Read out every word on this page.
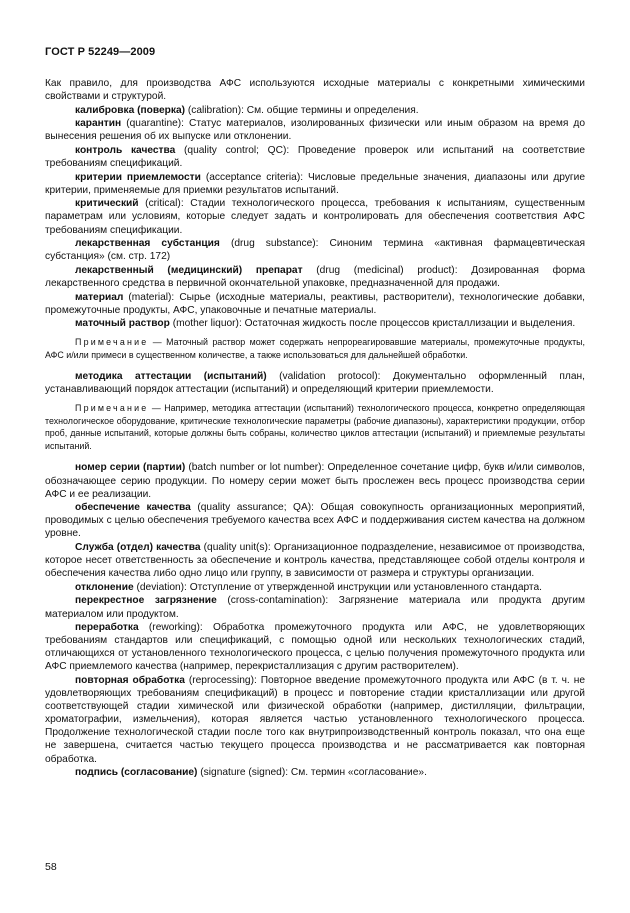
ГОСТ Р 52249—2009

Как правило, для производства АФС используются исходные материалы с конкретными химическими свойствами и структурой.

калибровка (поверка) (calibration): См. общие термины и определения.

карантин (quarantine): Статус материалов, изолированных физически или иным образом на время до вынесения решения об их выпуске или отклонении.

контроль качества (quality control; QC): Проведение проверок или испытаний на соответствие требованиям спецификаций.

критерии приемлемости (acceptance criteria): Числовые предельные значения, диапазоны или другие критерии, применяемые для приемки результатов испытаний.

критический (critical): Стадии технологического процесса, требования к испытаниям, существенным параметрам или условиям, которые следует задать и контролировать для обеспечения соответствия АФС требованиям спецификации.

лекарственная субстанция (drug substance): Синоним термина «активная фармацевтическая субстанция» (см. стр. 172)

лекарственный (медицинский) препарат (drug (medicinal) product): Дозированная форма лекарственного средства в первичной окончательной упаковке, предназначенной для продажи.

материал (material): Сырье (исходные материалы, реактивы, растворители), технологические добавки, промежуточные продукты, АФС, упаковочные и печатные материалы.

маточный раствор (mother liquor): Остаточная жидкость после процессов кристаллизации и выделения.

Примечание — Маточный раствор может содержать непрореагировавшие материалы, промежуточные продукты, АФС и/или примеси в существенном количестве, а также использоваться для дальнейшей обработки.

методика аттестации (испытаний) (validation protocol): Документально оформленный план, устанавливающий порядок аттестации (испытаний) и определяющий критерии приемлемости.

Примечание — Например, методика аттестации (испытаний) технологического процесса, конкретно определяющая технологическое оборудование, критические технологические параметры (рабочие диапазоны), характеристики продукции, отбор проб, данные испытаний, которые должны быть собраны, количество циклов аттестации (испытаний) и приемлемые результаты испытаний.

номер серии (партии) (batch number or lot number): Определенное сочетание цифр, букв и/или символов, обозначающее серию продукции. По номеру серии может быть прослежен весь процесс производства серии АФС и ее реализации.

обеспечение качества (quality assurance; QA): Общая совокупность организационных мероприятий, проводимых с целью обеспечения требуемого качества всех АФС и поддерживания систем качества на должном уровне.

Служба (отдел) качества (quality unit(s): Организационное подразделение, независимое от производства, которое несет ответственность за обеспечение и контроль качества, представляющее собой отделы контроля и обеспечения качества либо одно лицо или группу, в зависимости от размера и структуры организации.

отклонение (deviation): Отступление от утвержденной инструкции или установленного стандарта.

перекрестное загрязнение (cross-contamination): Загрязнение материала или продукта другим материалом или продуктом.

переработка (reworking): Обработка промежуточного продукта или АФС, не удовлетворяющих требованиям стандартов или спецификаций, с помощью одной или нескольких технологических стадий, отличающихся от установленного технологического процесса, с целью получения промежуточного продукта или АФС приемлемого качества (например, перекристаллизация с другим растворителем).

повторная обработка (reprocessing): Повторное введение промежуточного продукта или АФС (в т. ч. не удовлетворяющих требованиям спецификаций) в процесс и повторение стадии кристаллизации или другой соответствующей стадии химической или физической обработки (например, дистилляции, фильтрации, хроматографии, измельчения), которая является частью установленного технологического процесса. Продолжение технологической стадии после того как внутрипроизводственный контроль показал, что она еще не завершена, считается частью текущего процесса производства и не рассматривается как повторная обработка.

подпись (согласование) (signature (signed): См. термин «согласование».

58
